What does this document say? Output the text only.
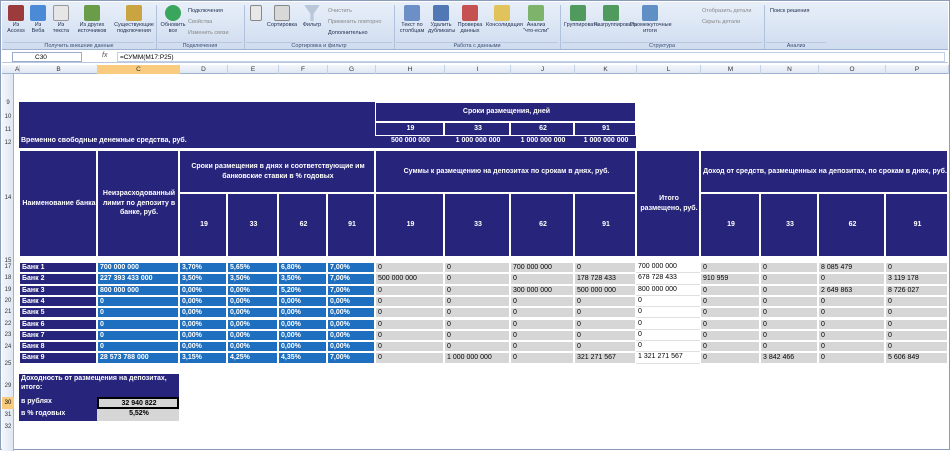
Из Access
Из Веба
Из текста
Из других источников
Существующие подключения
Получить внешние данные
Обновить все
Подключения
Свойства
Изменить связи
Подключения
Сортировка	Фильтр
Очистить
Применить повторно
Дополнительно
Сортировка и фильтр
Текст по столбцам
Удалить дубликаты
Проверка данных
Консолидация Анализ "что-если"
Работа с данными
Группировать
Разгруппировать
Промежуточные итоги
Отобразить детали
Скрыть детали
Структура
Поиск решения
Анализ
C30	fx	=СУММ(M17:P25)
A	B	C	D	E	F	G	H	I	J	K	L	M	N	O	P
9
10
11
12
14
15
17
18
19
20
21
22
23
24
25
29
30
31
32
Сроки размещения, дней
19	33	62	91
Временно свободные денежные средства, руб.	500 000 000	1 000 000 000	1 000 000 000	1 000 000 000
Наименование банка
Неизрасходованный лимит по депозиту в банке, руб.
Сроки размещения в днях и соответствующие им банковские ставки в % годовых
19	33	62	91
Суммы к размещению на депозитах по срокам в днях, руб.
19	33	62	91
Итого размещено, руб.
Доход от средств, размещенных на депозитах, по срокам в днях, руб.
19	33	62	91
Банк 1	700 000 000	3,70%	5,65%	6,80%	7,00%	0	0	700 000 000	0	700 000 000	0	0	8 085 479	0
Банк 2	227 393 433 000	3,50%	3,50%	3,50%	7,00%	500 000 000	0	0	178 728 433	678 728 433	910 959	0	0	3 119 178
Банк 3	800 000 000	0,00%	0,00%	5,20%	7,00%	0	0	300 000 000	500 000 000	800 000 000	0	0	2 649 863	8 726 027
Банк 4	0	0,00%	0,00%	0,00%	0,00%	0	0	0	0	0	0	0	0	0
Банк 5	0	0,00%	0,00%	0,00%	0,00%	0	0	0	0	0	0	0	0	0
Банк 6	0	0,00%	0,00%	0,00%	0,00%	0	0	0	0	0	0	0	0	0
Банк 7	0	0,00%	0,00%	0,00%	0,00%	0	0	0	0	0	0	0	0	0
Банк 8	0	0,00%	0,00%	0,00%	0,00%	0	0	0	0	0	0	0	0	0
Банк 9	28 573 788 000	3,15%	4,25%	4,35%	7,00%	0	1 000 000 000	0	321 271 567	1 321 271 567	0	3 842 466	0	5 606 849
Доходность от размещения на депозитах, итого:
в рублях	32 940 822
в % годовых	5,52%
